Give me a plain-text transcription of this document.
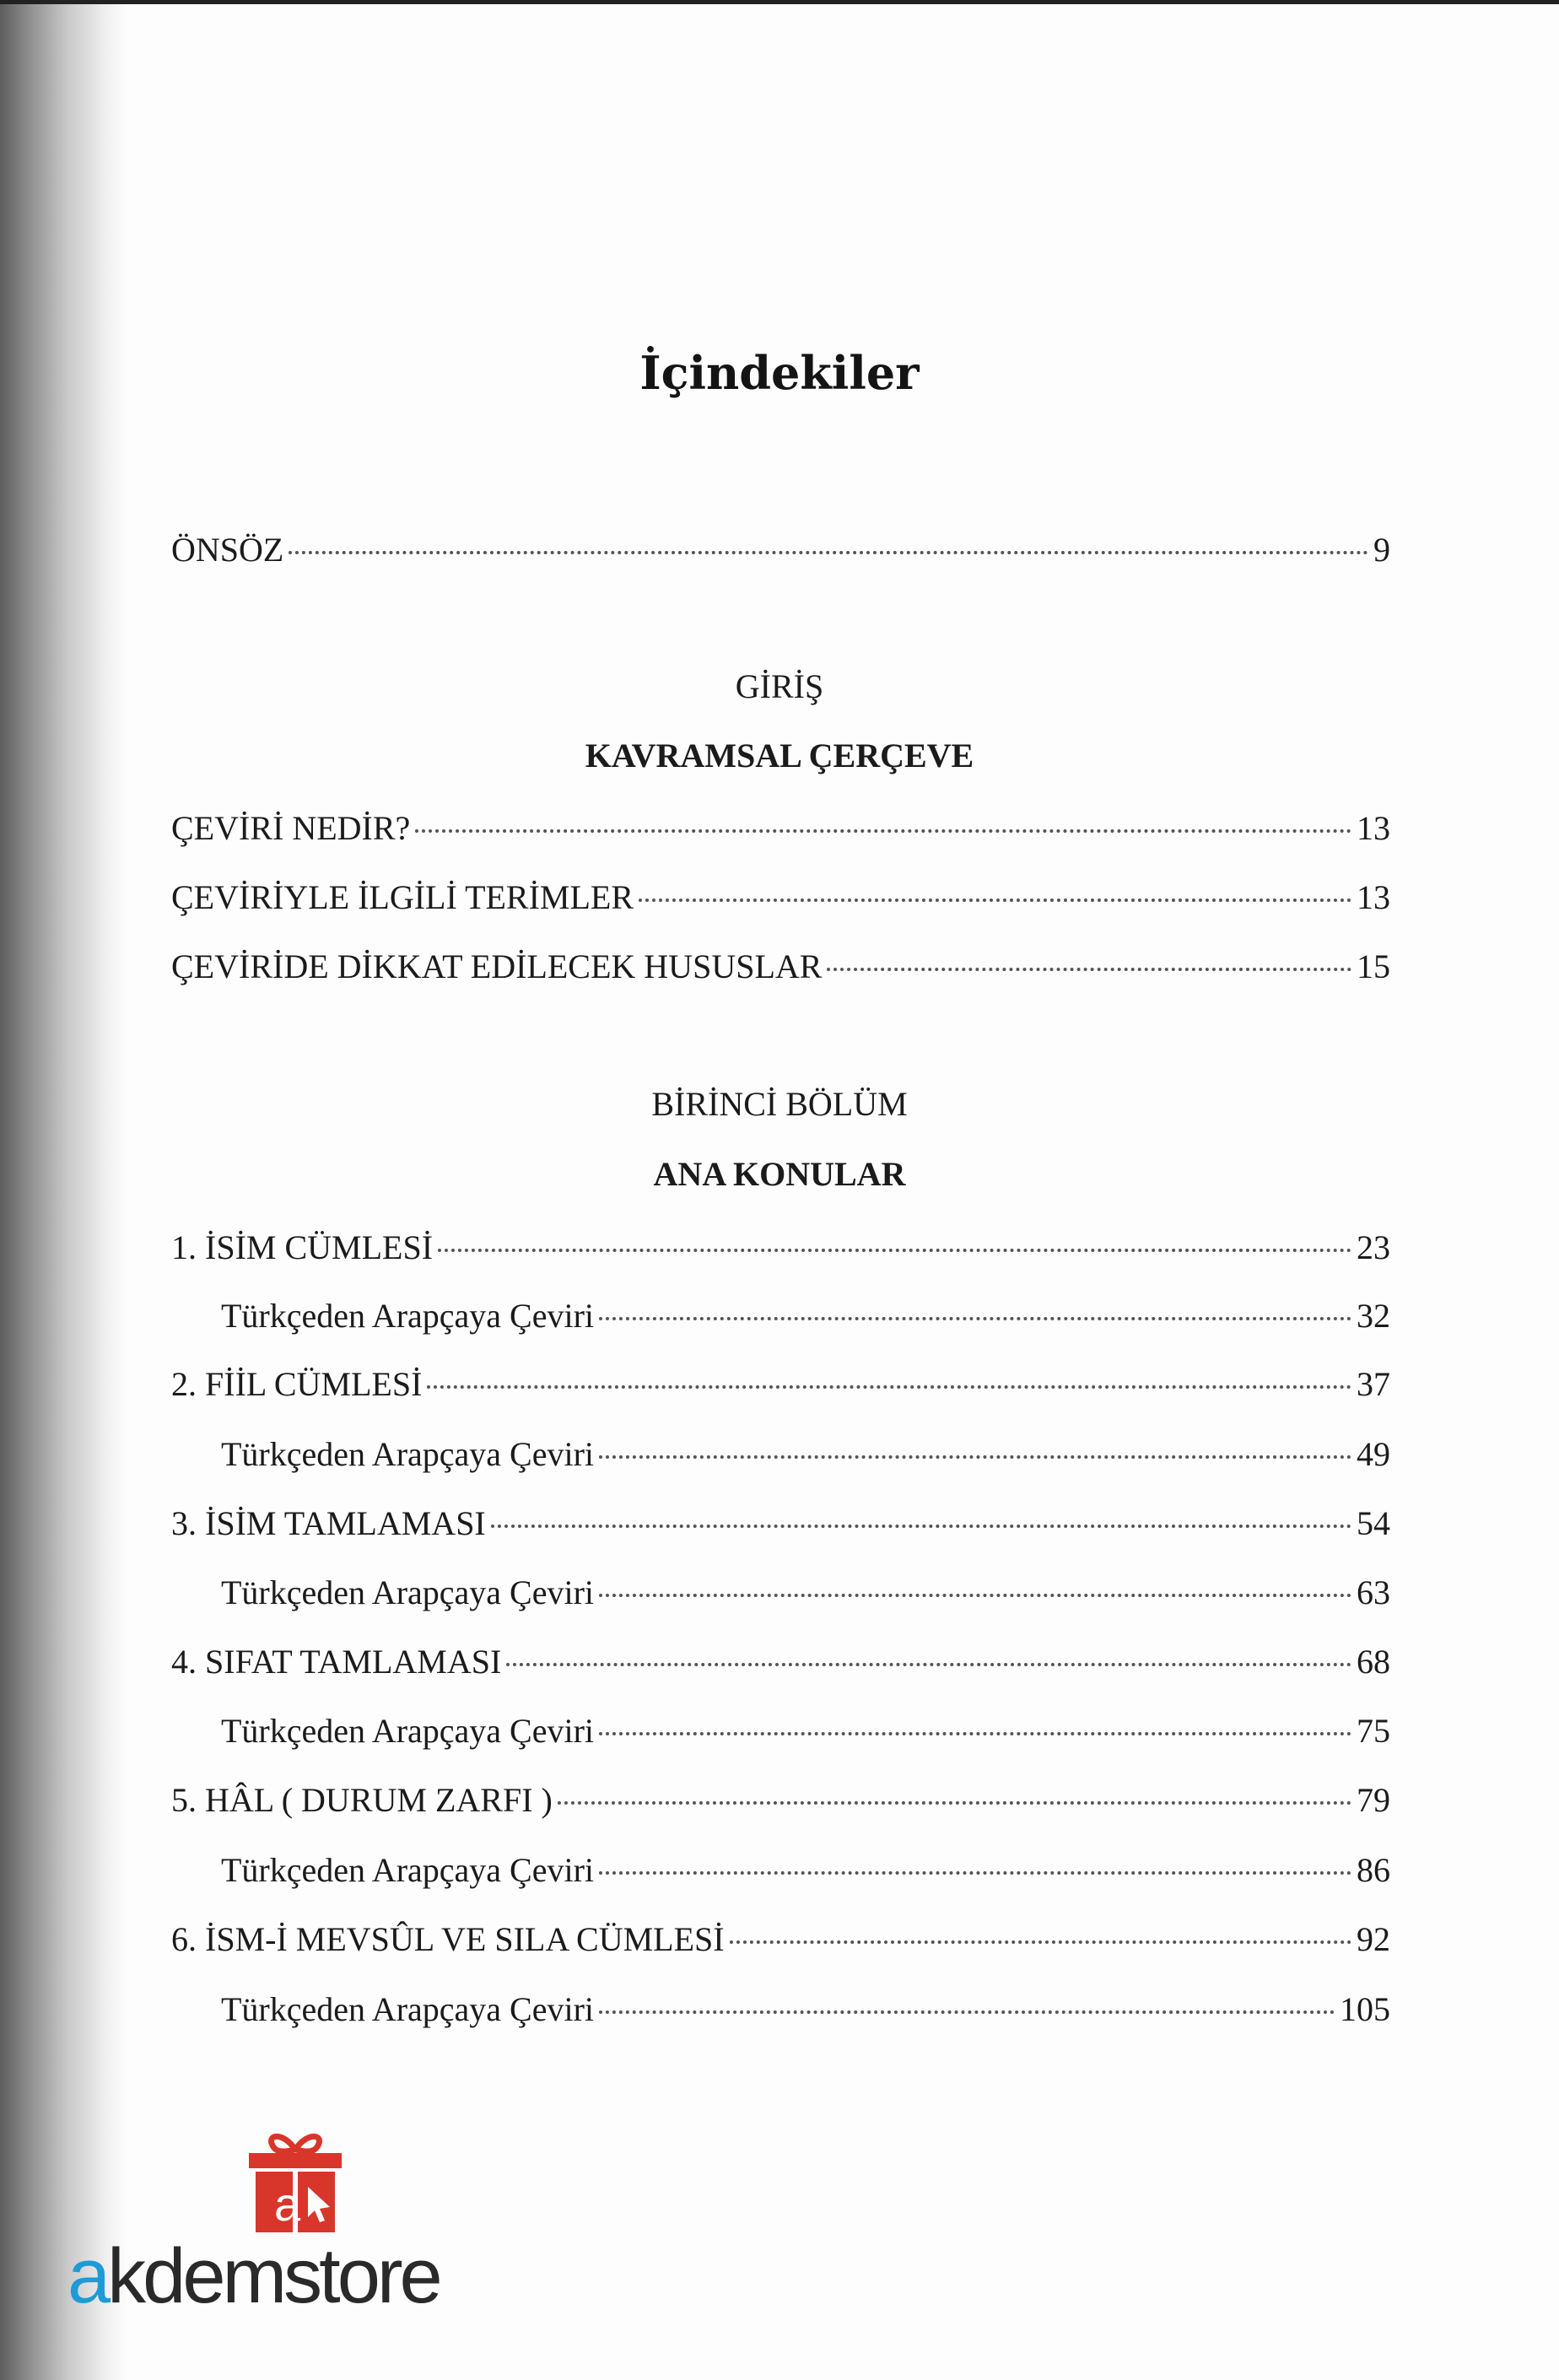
İçindekiler
ÖNSÖZ	9
GİRİŞ
KAVRAMSAL ÇERÇEVE
ÇEVİRİ NEDİR?	13
ÇEVİRİYLE İLGİLİ TERİMLER	13
ÇEVİRİDE DİKKAT EDİLECEK HUSUSLAR	15
BİRİNCİ BÖLÜM
ANA KONULAR
1. İSİM CÜMLESİ	23
Türkçeden Arapçaya Çeviri	32
2. FİİL CÜMLESİ	37
Türkçeden Arapçaya Çeviri	49
3. İSİM TAMLAMASI	54
Türkçeden Arapçaya Çeviri	63
4. SIFAT TAMLAMASI	68
Türkçeden Arapçaya Çeviri	75
5. HÂL ( DURUM ZARFI )	79
Türkçeden Arapçaya Çeviri	86
6. İSM-İ MEVSÛL VE SILA CÜMLESİ	92
Türkçeden Arapçaya Çeviri	105
a
akdemstore
